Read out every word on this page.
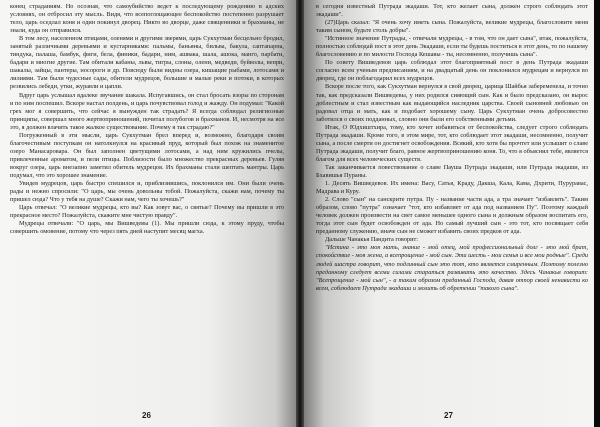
конец страданиям. Но осознав, что самоубийство ведет к последующему рождению в адских условиях, он отбросил эту мысль. Видя, что всепоглощающее беспокойство постепенно разрушает тело, царь оседлал коня и один покинул дворец. Никто во дворце, даже священники и брахманы, не знали, куда он отправился.

В том лесу, населенном птицами, оленями и другими зверями, царь Сукхутман бесцельно бродил, занятый различными деревьями и кустарниками: пальмы, баньяны, бильва, бакула, саптапарна, тиндука, палаша, бамбук, фиги, бела, финики, бадари, ним, ашвака, шала, ашока, манго, парбати, бадари и многие другие. Там обитали кабаны, львы, тигры, слоны, олени, медведи, буйволы, вепри, шакалы, зайцы, пантеры, носороги и др. Повсюду были видны озера, кишащие рыбами, лотосами и лилиями. Там были чудесные сады, обители мудрецов, большие и малые реки и потоки, в которых резвились лебеди, утки, журавли и цапли.

Вдруг царь услышал вдалеке звучание шакала. Испугавшись, он стал бросать взоры по сторонам и по ним поспешил. Вскоре настал полдень, и царь почувствовал голод и жажду. Он подумал: "Какой грех мог я совершить, что сейчас я вынужден так страдать? Я всегда соблюдал религиозные принципы, совершал много жертвоприношений, почитал полубогов и брахманов. И, несмотря на все это, я должен влачить такое жалкое существование. Почему я так страдаю?"

Погруженный в эти мысли, царь Сукхутман брел вперед и, возможно, благодаря своим благочестивым поступкам он натолкнулся на красивый пруд, который был похож на знаменитое озеро Манасаровара. Он был заполнен цветущими лотосами, а над ним кружились пчелы, привлеченные ароматом, и пели птицы. Поблизости было множество прекрасных деревьев. Гуляя вокруг озера, царь внезапно заметил обитель мудрецов. Их брахманы стали шептать мантры. Царь подумал, что это хорошее знамение.

Увидев мудрецов, царь быстро спешился и, приблизившись, поклонился им. Они были очень рады и нежно спросили: "О царь, мы очень довольны тобой. Пожалуйста, скажи нам, почему ты пришел сюда? Что у тебя на душе? Скажи нам, чего ты хочешь?"

Царь отвечал: "О великие мудрецы, кто вы? Как зовут вас, о святые? Почему вы пришли в это прекрасное место? Пожалуйста, скажите мне чистую правду".

Мудрецы отвечали: "О царь, мы Вишведевы (1). Мы пришли сюда, к этому пруду, чтобы совершить омовение, потому что через пять дней наступит месяц магха.

26

в сегодня известный Путрада экадаши. Тот, кто желает сына, должен строго соблюдать этот экадаши".

(27)Царь сказал: "Я очень хочу иметь сына. Пожалуйста, великие мудрецы, благословите меня таким сыном, будьте столь добры".

"Истинное значение Путрады, - отвечали мудрецы, - в том, что он дает сына", итак, пожалуйста, полностью соблюдай пост в этот день Экадаши, если ты будешь поститься в этот день, то по нашему благословению и по милости Господа Кешавы - ты, несомненно, получишь сына".

По совету Вишведевов царь соблюдал этот благоприятный пост в день Путрада экадаши согласно всем ученым предписаниям, и на двадцатый день он поклонился мудрецам и вернулся во дворец, где он поблагодарил всех мудрецов.

Вскоре после того, как Сукхутман вернулся в свой дворец, царица Шайбья забеременела, и точно так, как предсказали Вишведевы, у них родился сияющий сын. Как и было предсказано, он вырос доблестным и стал известным как выдающийся наследник царства. Своей сыновней любовью он радовал отца и мать, как и подобает хорошему сыну. Царь Сукхутман очень добросовестно заботился о своих подданных, словно они были его собственными детьми.

Итак, О Юдхиштхира, тому, кто хочет избавиться от беспокойства, следует строго соблюдать Путрада экадаши. Кроме того, в этом мире, тот, кто соблюдает этот экадаши, несомненно, получит сына, а после смерти он достигнет освобождения. Всякий, кто хотя бы прочтет или услышит о славе Путрада экадаши, получит благо, равное жертвоприношению коня. То, что я объяснил тебе, является благом для всех человеческих существ.

Так заканчивается повествование о славе Пауша Путрада экадаши, или Путрада экадаши, из Бхавишья Пураны.

1. Десять Вишведевов. Их имена: Васу, Сатья, Краду, Дакша, Кала, Кама, Дхрити, Пуруравас, Мадрава и Куру.

2. Слово "сын" на санскрите путра. Пу - название части ада, а тра значает "избавлять". Таким образом, слово "путра" означает "тот, кто избавляет от ада под названием Пу". Поэтому каждый человек должен произвести на свет самое меньшее одного сына и должным образом воспитать его, тогда этот сын будет освобожден от ада. Но самый лучший сын - это тот, кто посвящает себя преданному служению, иначе сын не сможет избавить своих предков от ада.

Дальше Чанакья Пандита говорит:

"Истина - это моя мать, знание - мой отец, мой профессиональный долг - это мой брат, спокойствие - моя жена, а всепрощение - мой сын. Эти шесть - мои семья и все мои родные". Среди людей шастра говорит, что подлинный сын это тот, кто является смиренным. Поэтому полезно преданному следует всеми силами стараться развивать это качество. Здесь Чанакья говорит: "Всепрощение - мой сын", - а таким образом преданный Господа, давая отпор своей ненависти ко всем, соблюдает Путрада экадаши и молить об обретении "такого сына".

27
